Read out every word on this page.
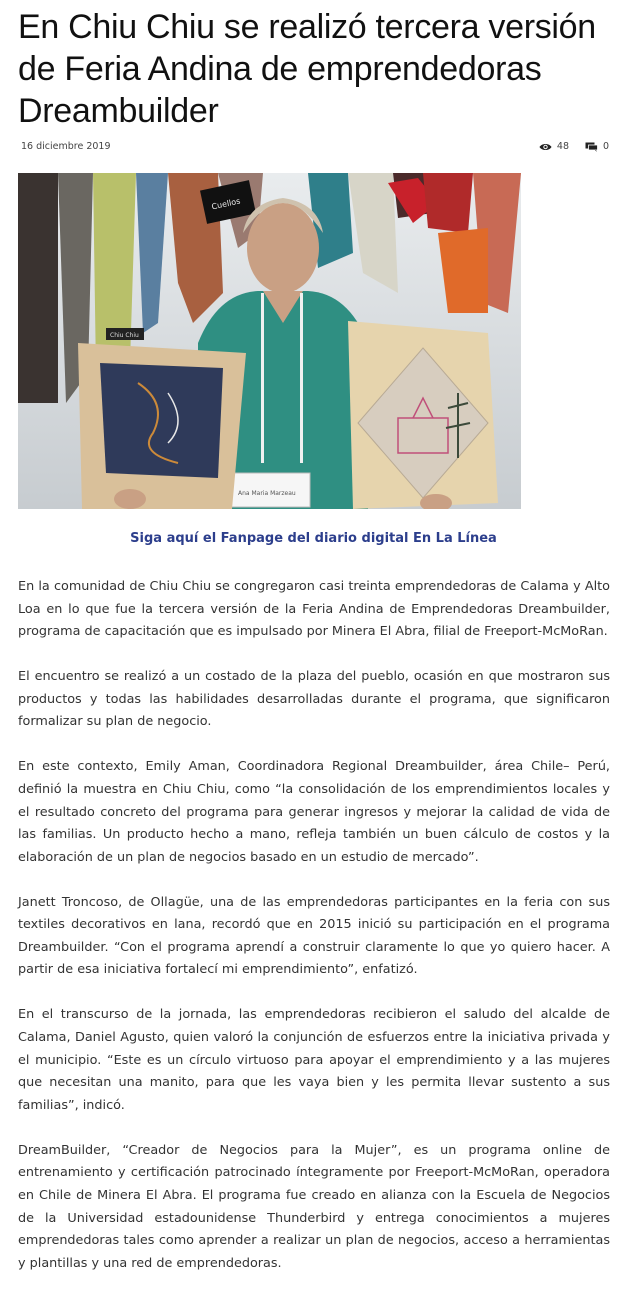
En Chiu Chiu se realizó tercera versión de Feria Andina de emprendedoras Dreambuilder
16 diciembre 2019	48	0
Cuellos
Ana Maria Marzeau
Chiu Chiu
Siga aquí el Fanpage del diario digital En La Línea

En la comunidad de Chiu Chiu se congregaron casi treinta emprendedoras de Calama y Alto Loa en lo que fue la tercera versión de la Feria Andina de Emprendedoras Dreambuilder, programa de capacitación que es impulsado por Minera El Abra, filial de Freeport-McMoRan.

El encuentro se realizó a un costado de la plaza del pueblo, ocasión en que mostraron sus productos y todas las habilidades desarrolladas durante el programa, que significaron formalizar su plan de negocio.

En este contexto, Emily Aman, Coordinadora Regional Dreambuilder, área Chile– Perú, definió la muestra en Chiu Chiu, como “la consolidación de los emprendimientos locales y el resultado concreto del programa para generar ingresos y mejorar la calidad de vida de las familias. Un producto hecho a mano, refleja también un buen cálculo de costos y la elaboración de un plan de negocios basado en un estudio de mercado”.

Janett Troncoso, de Ollagüe, una de las emprendedoras participantes en la feria con sus textiles decorativos en lana, recordó que en 2015 inició su participación en el programa Dreambuilder. “Con el programa aprendí a construir claramente lo que yo quiero hacer. A partir de esa iniciativa fortalecí mi emprendimiento”, enfatizó.

En el transcurso de la jornada, las emprendedoras recibieron el saludo del alcalde de Calama, Daniel Agusto, quien valoró la conjunción de esfuerzos entre la iniciativa privada y el municipio. “Este es un círculo virtuoso para apoyar el emprendimiento y a las mujeres que necesitan una manito, para que les vaya bien y les permita llevar sustento a sus familias”, indicó.

DreamBuilder, “Creador de Negocios para la Mujer”, es un programa online de entrenamiento y certificación patrocinado íntegramente por Freeport-McMoRan, operadora en Chile de Minera El Abra. El programa fue creado en alianza con la Escuela de Negocios de la Universidad estadounidense Thunderbird y entrega conocimientos a mujeres emprendedoras tales como aprender a realizar un plan de negocios, acceso a herramientas y plantillas y una red de emprendedoras.
